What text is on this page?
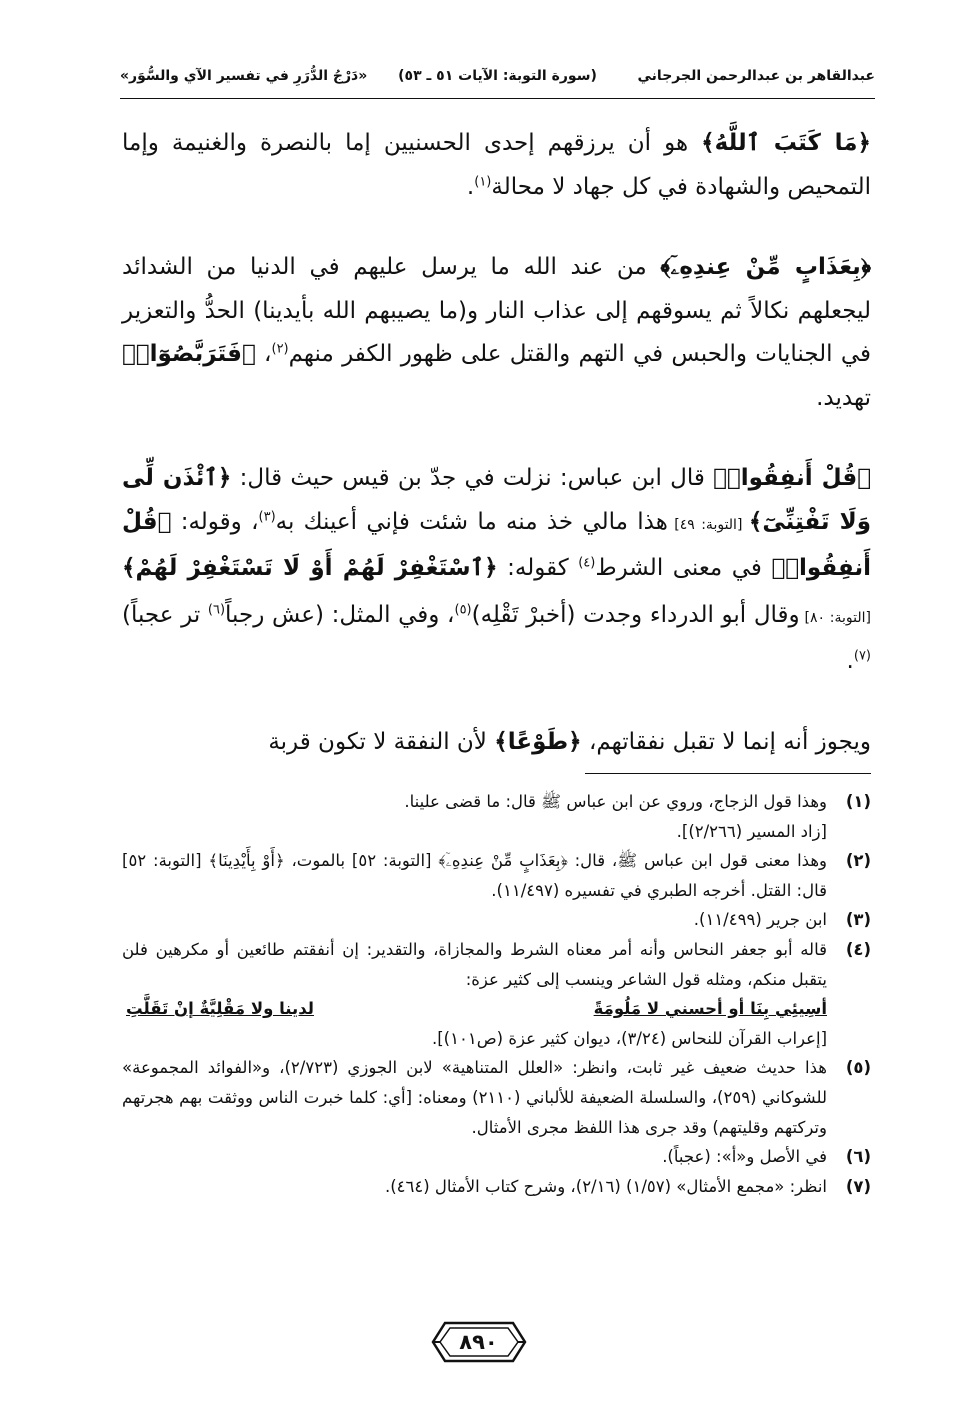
عبدالقاهر بن عبدالرحمن الجرجاني
(سورة التوبة: الآيات ٥١ ـ ٥٣)
«دَرْجُ الدُّرَرِ في تفسير الآي والسُّوَر»

﴿مَا كَتَبَ ٱللَّهُ﴾ هو أن يرزقهم إحدى الحسنيين إما بالنصرة والغنيمة وإما التمحيص والشهادة في كل جهاد لا محالة$^{(١)}$.

﴿بِعَذَابٍ مِّنْ عِندِهِۦٓ﴾ من عند الله ما يرسل عليهم في الدنيا من الشدائد ليجعلهم نكالاً ثم يسوقهم إلى عذاب النار و(ما يصيبهم الله بأيدينا) الحدُّ والتعزير في الجنايات والحبس في التهم والقتل على ظهور الكفر منهم$^{(٢)}$، ﴿فَتَرَبَّصُوٓا۟﴾ تهديد.

﴿قُلْ أَنفِقُوا۟﴾ قال ابن عباس: نزلت في جدّ بن قيس حيث قال: ﴿ٱئْذَن لِّى وَلَا تَفْتِنِّىٓ﴾ [التوبة: ٤٩] هذا مالي خذ منه ما شئت فإني أعينك به$^{(٣)}$، وقوله: ﴿قُلْ أَنفِقُوا۟﴾ في معنى الشرط$^{(٤)}$ كقوله: ﴿ٱسْتَغْفِرْ لَهُمْ أَوْ لَا تَسْتَغْفِرْ لَهُمْ﴾ [التوبة: ٨٠] وقال أبو الدرداء وجدت (أخبرْ تَقْلِه)$^{(٥)}$، وفي المثل: (عش رجباً$^{(٦)}$ تر عجباً)$^{(٧)}$.

ويجوز أنه إنما لا تقبل نفقاتهم، ﴿طَوْعًا﴾ لأن النفقة لا تكون قربة

(١)
وهذا قول الزجاج، وروي عن ابن عباس ﷺ قال: ما قضى علينا.
[زاد المسير (٢/٢٦٦)].
(٢)
وهذا معنى قول ابن عباس ﷺ، قال: ﴿بِعَذَابٍ مِّنْ عِندِهِۦٓ﴾ [التوبة: ٥٢] بالموت، ﴿أَوْ بِأَيْدِينَا﴾ [التوبة: ٥٢] قال: القتل. أخرجه الطبري في تفسيره (١١/٤٩٧).
(٣)
ابن جرير (١١/٤٩٩).
(٤)
قاله أبو جعفر النحاس وأنه أمر معناه الشرط والمجازاة، والتقدير: إن أنفقتم طائعين أو مكرهين فلن يتقبل منكم، ومثله قول الشاعر وينسب إلى كثير عزة:
أسِيئِي بِنَا أو أحسني لا مَلُومَةً
لدينا ولا مَقْلِيَّةٌ إنْ تَقَلَّتِ
[إعراب القرآن للنحاس (٣/٢٤)، ديوان كثير عزة (ص١٠١)].
(٥)
هذا حديث ضعيف غير ثابت، وانظر: «العلل المتناهية» لابن الجوزي (٢/٧٢٣)، و«الفوائد المجموعة» للشوكاني (٢٥٩)، والسلسلة الضعيفة للألباني (٢١١٠) ومعناه: [أي: كلما خبرت الناس ووثقت بهم هجرتهم وتركتهم وقليتهم) وقد جرى هذا اللفظ مجرى الأمثال.
(٦)
في الأصل و«أ»: (عجباً).
(٧)
انظر: «مجمع الأمثال» (١/٥٧) (٢/١٦)، وشرح كتاب الأمثال (٤٦٤).
٨٩٠
